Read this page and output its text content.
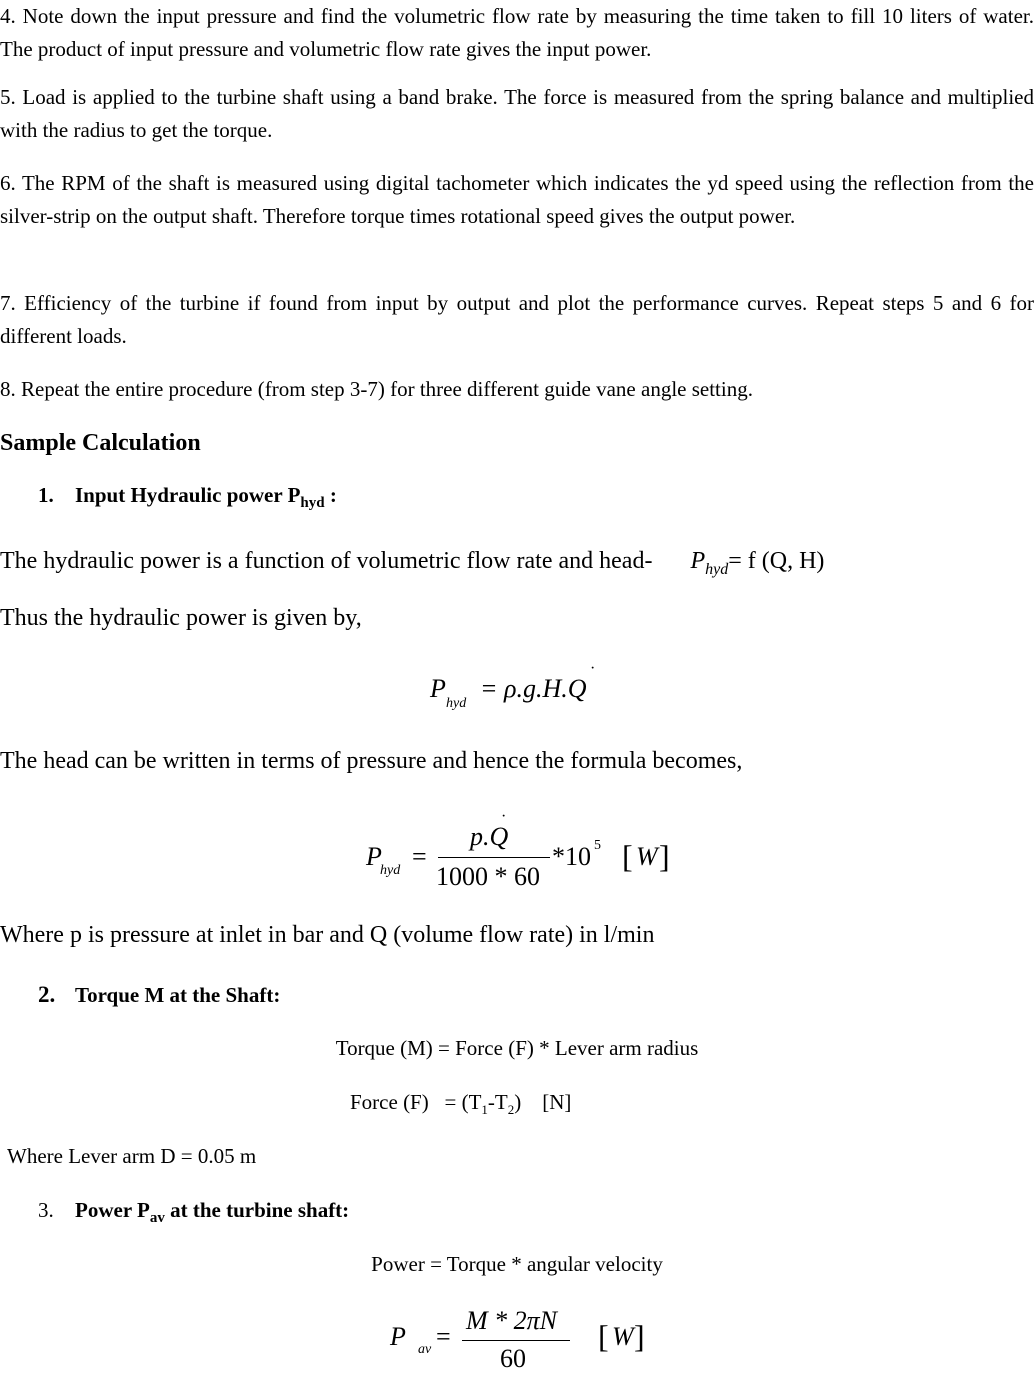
4. Note down the input pressure and find the volumetric flow rate by measuring the time taken to fill 10 liters of water. The product of input pressure and volumetric flow rate gives the input power.
5. Load is applied to the turbine shaft using a band brake. The force is measured from the spring balance and multiplied with the radius to get the torque.
6. The RPM of the shaft is measured using digital tachometer which indicates the yd speed using the reflection from the silver-strip on the output shaft. Therefore torque times rotational speed gives the output power.
7. Efficiency of the turbine if found from input by output and plot the performance curves. Repeat steps 5 and 6 for different loads.
8. Repeat the entire procedure (from step 3-7) for three different guide vane angle setting.
Sample Calculation
1. Input Hydraulic power $P_{hyd}$ :
The hydraulic power is a function of volumetric flow rate and head- $P_{hyd}= f$ (Q, H)
Thus the hydraulic power is given by,
P
hyd
= ρ.g.H.Q
·
The head can be written in terms of pressure and hence the formula becomes,
P
hyd =
p.Q
·
1000 * 60
*10 5 [ W ]
Where p is pressure at inlet in bar and Q (volume flow rate) in l/min
2. Torque M at the Shaft:
Torque (M) = Force (F) * Lever arm radius
Force $(F) = (T_1-T_2)$    [N]
Where Lever arm D = 0.05 m
3. Power $P_{av}$ at the turbine shaft:
Power = Torque * angular velocity
P av =
M * 2πN
60
[ W ]
